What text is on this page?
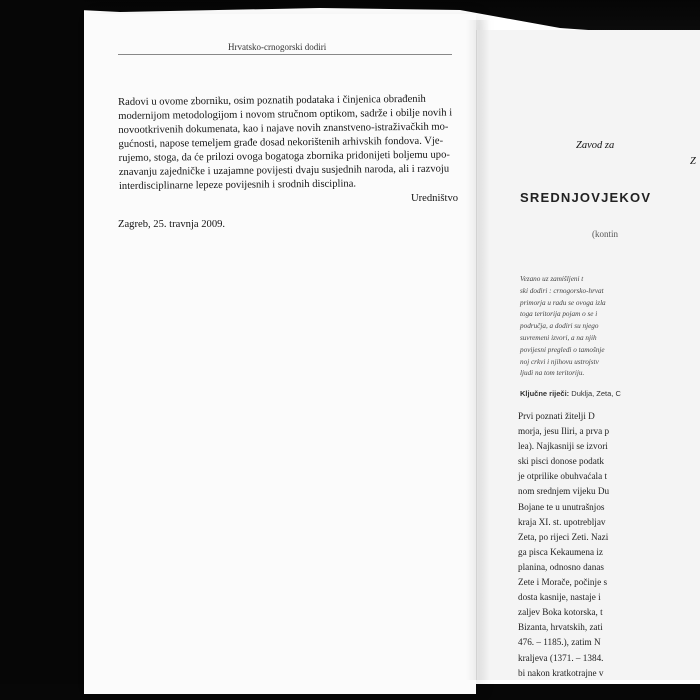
Hrvatsko-crnogorski dodiri
Radovi u ovome zborniku, osim poznatih podataka i činjenica obrađenih
modernijom metodologijom i novom stručnom optikom, sadrže i obilje novih i
novootkrivenih dokumenata, kao i najave novih znanstveno-istraživačkih mo-
gućnosti, napose temeljem građe dosad nekorištenih arhivskih fondova. Vje-
rujemo, stoga, da će prilozi ovoga bogatoga zbornika pridonijeti boljemu upo-
znavanju zajedničke i uzajamne povijesti dvaju susjednih naroda, ali i razvoju
interdisciplinarne lepeze povijesnih i srodnih disciplina.
Uredništvo
Zagreb, 25. travnja 2009.
Zavod za
Z
SREDNJOVJEKOV
(kontin
Vezano uz zamišljeni t
ski dodiri : crnogorsko-hrvat
primorja u radu se ovoga izla
toga teritorija pojam o se i
područja, a dodiri su njego
suvremeni izvori, a na njih
povijesni pregledi o tamošnje
noj crkvi i njihovu ustrojstv
ljudi na tom teritoriju.
Ključne riječi: Duklja, Zeta, C
Prvi poznati žitelji D
morja, jesu Iliri, a prva p
lea). Najkasniji se izvori
ski pisci donose podatk
je otprilike obuhvaćala t
nom srednjem vijeku Du
Bojane te u unutrašnjos
kraja XI. st. upotrebljav
Zeta, po rijeci Zeti. Nazi
ga pisca Kekaumena iz
planina, odnosno danas
Zete i Morače, počinje s
dosta kasnije, nastaje i
zaljev Boka kotorska, t
Bizanta, hrvatskih, zati
476. – 1185.), zatim N
kraljeva (1371. – 1384.
bi nakon kratkotrajne v
